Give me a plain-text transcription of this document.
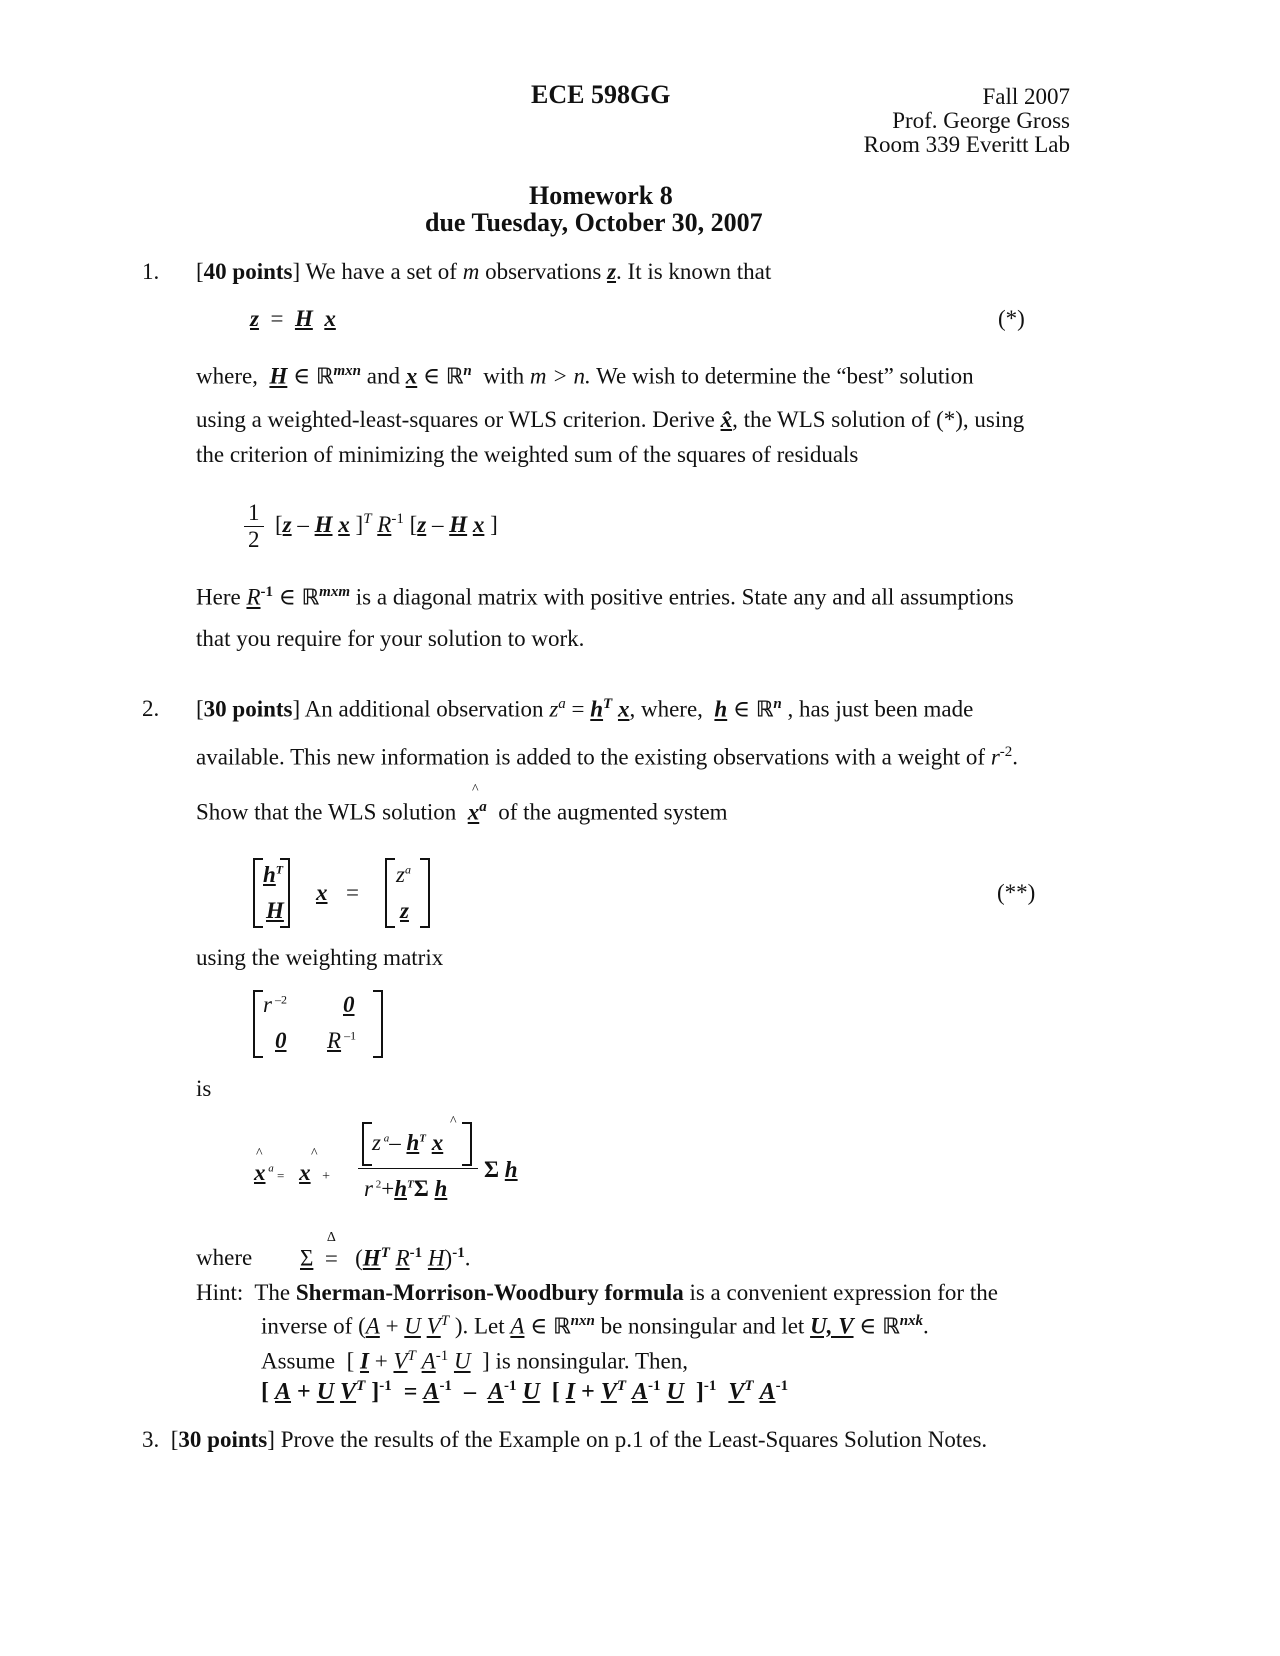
ECE 598GG	Fall 2007
Prof. George Gross
Room 339 Everitt Lab
Homework 8
due Tuesday, October 30, 2007
1. [40 points] We have a set of m observations z. It is known that
z  =  H x	(*)
where, H ∈ ℝ$^{mxn}$ and x ∈ ℝ$^n$ with m > n. We wish to determine the “best” solution
using a weighted-least-squares or WLS criterion. Derive x̂, the WLS solution of (*), using
the criterion of minimizing the weighted sum of the squares of residuals
$\frac{1}{2} [z$ – H x ]$^T$ $R^{-1}$ [z – H x ]
Here $R^{-1}$ ∈ ℝ$^{mxm}$ is a diagonal matrix with positive entries. State any and all assumptions
that you require for your solution to work.
2. [30 points] An additional observation $z^a = h^T$ x, where, h ∈ ℝ$^n$ , has just been made
available. This new information is added to the existing observations with a weight of $r^{-2}$.
Show that the WLS solution $x^a$ of the augmented system
^
$h^T$
H
x =
$z^a$
z
(**)
using the weighting matrix
r $^{-2}$ 0
0 R $^{-1}$
is
x $^a$ =   x +
^	^ z $^a$– $h^T$ x
^
r $^2+h^T\Sigma$ h
Σ h
where Σ
Δ
=   ($H^T$ $R^{-1}$ H)$^{-1}$.
Hint: The Sherman-Morrison-Woodbury formula is a convenient expression for the
inverse of (A + U $V^T$ ). Let A ∈ ℝ$^{nxn}$ be nonsingular and let U, V ∈ ℝ$^{nxk}$.
Assume  [ $I + V^T$ $A^{-1}$ U ] is nonsingular. Then,
[ A + U $V^T$ ]$^{-1} = A^{-1} - A^{-1}$ U  [ $I + V^T$ $A^{-1}$ U  ]$^{-1}$ $V^T$ $A^{-1}$
3.  [30 points] Prove the results of the Example on p.1 of the Least-Squares Solution Notes.
